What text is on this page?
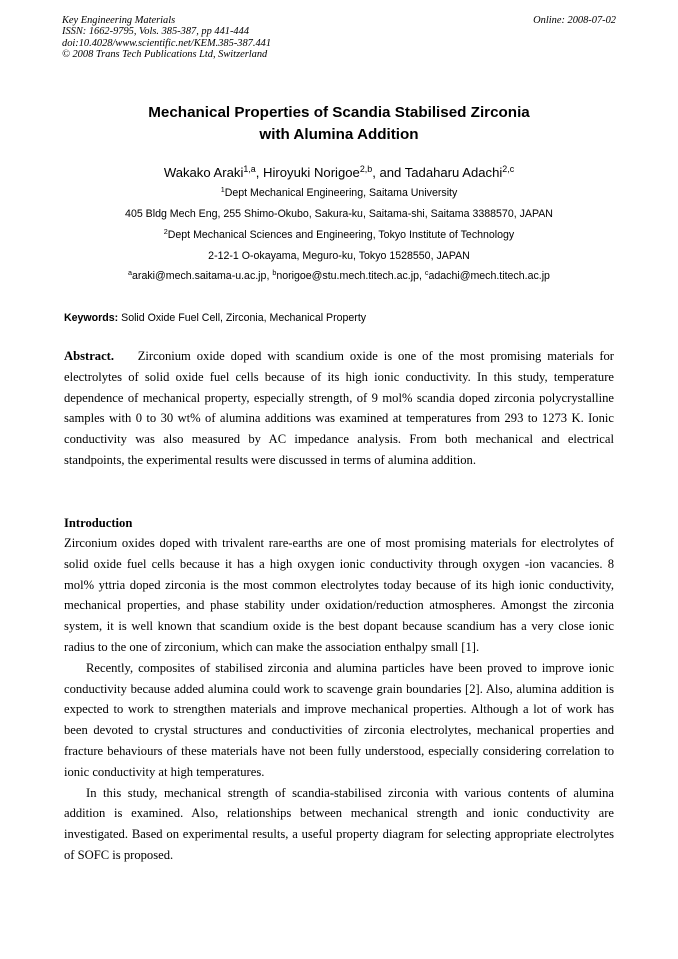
Key Engineering Materials
ISSN: 1662-9795, Vols. 385-387, pp 441-444
doi:10.4028/www.scientific.net/KEM.385-387.441
© 2008 Trans Tech Publications Ltd, Switzerland
Online: 2008-07-02
Mechanical Properties of Scandia Stabilised Zirconia
with Alumina Addition
Wakako Araki$^{1,a}$, Hiroyuki Norigoe$^{2,b}$, and Tadaharu Adachi$^{2,c}$
$^1$Dept Mechanical Engineering, Saitama University
405 Bldg Mech Eng, 255 Shimo-Okubo, Sakura-ku, Saitama-shi, Saitama 3388570, JAPAN
$^2$Dept Mechanical Sciences and Engineering, Tokyo Institute of Technology
2-12-1 O-okayama, Meguro-ku, Tokyo 1528550, JAPAN
$^a$araki@mech.saitama-u.ac.jp, $^b$norigoe@stu.mech.titech.ac.jp, $^c$adachi@mech.titech.ac.jp
Keywords: Solid Oxide Fuel Cell, Zirconia, Mechanical Property

Abstract. Zirconium oxide doped with scandium oxide is one of the most promising materials for electrolytes of solid oxide fuel cells because of its high ionic conductivity. In this study, temperature dependence of mechanical property, especially strength, of 9 mol% scandia doped zirconia polycrystalline samples with 0 to 30 wt% of alumina additions was examined at temperatures from 293 to 1273 K. Ionic conductivity was also measured by AC impedance analysis. From both mechanical and electrical standpoints, the experimental results were discussed in terms of alumina addition.

Introduction

Zirconium oxides doped with trivalent rare-earths are one of most promising materials for electrolytes of solid oxide fuel cells because it has a high oxygen ionic conductivity through oxygen -ion vacancies. 8 mol% yttria doped zirconia is the most common electrolytes today because of its high ionic conductivity, mechanical properties, and phase stability under oxidation/reduction atmospheres. Amongst the zirconia system, it is well known that scandium oxide is the best dopant because scandium has a very close ionic radius to the one of zirconium, which can make the association enthalpy small [1].

Recently, composites of stabilised zirconia and alumina particles have been proved to improve ionic conductivity because added alumina could work to scavenge grain boundaries [2]. Also, alumina addition is expected to work to strengthen materials and improve mechanical properties. Although a lot of work has been devoted to crystal structures and conductivities of zirconia electrolytes, mechanical properties and fracture behaviours of these materials have not been fully understood, especially considering correlation to ionic conductivity at high temperatures.

In this study, mechanical strength of scandia-stabilised zirconia with various contents of alumina addition is examined. Also, relationships between mechanical strength and ionic conductivity are investigated. Based on experimental results, a useful property diagram for selecting appropriate electrolytes of SOFC is proposed.
